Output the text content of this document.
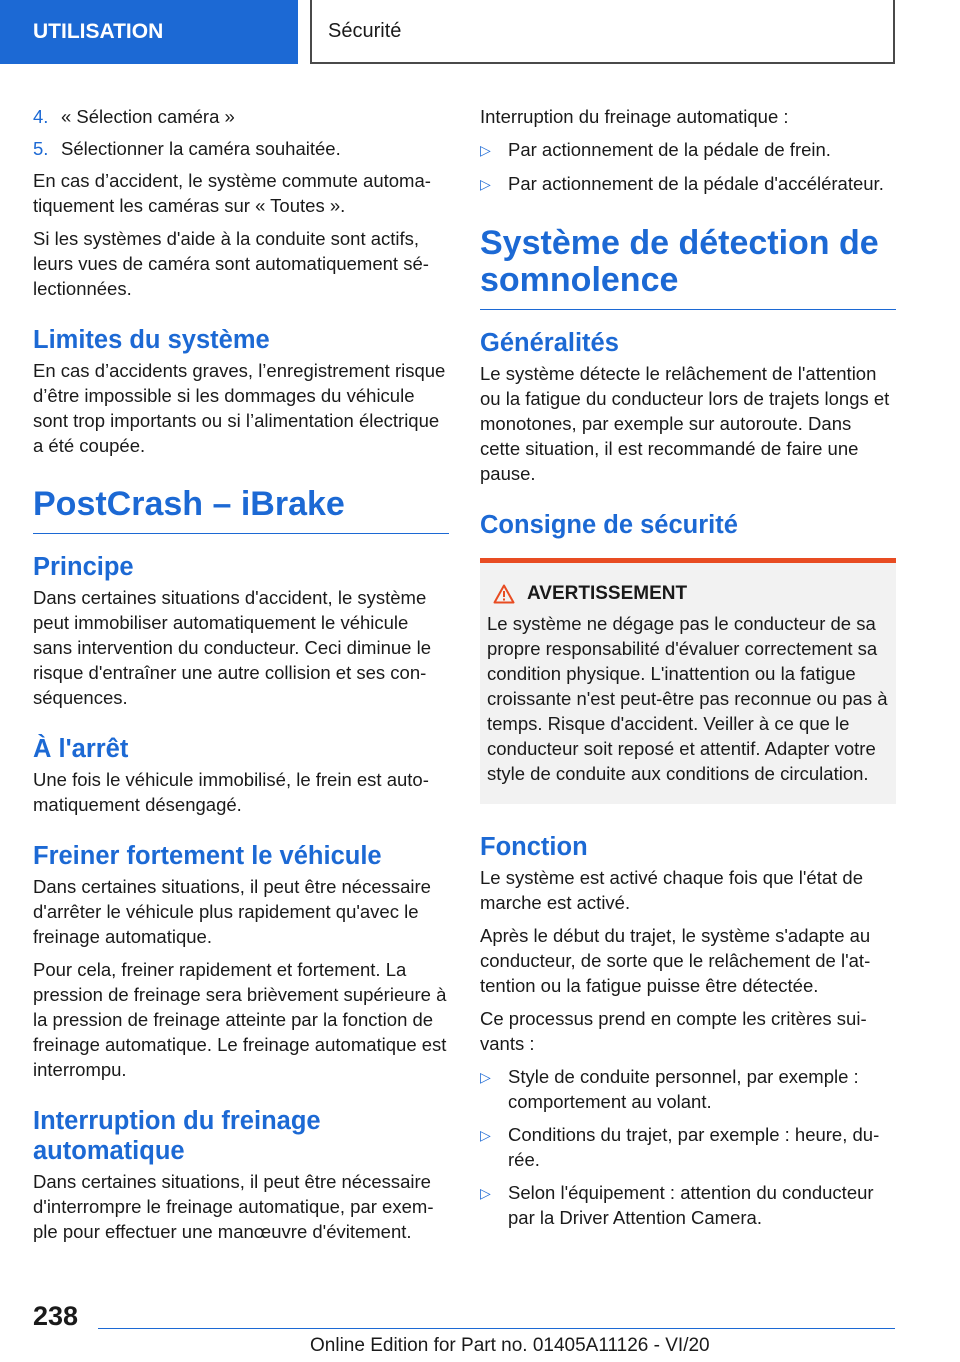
UTILISATION	Sécurité
4. « Sélection caméra »
5. Sélectionner la caméra souhaitée.

En cas d’accident, le système commute automatiquement les caméras sur « Toutes ».

Si les systèmes d'aide à la conduite sont actifs, leurs vues de caméra sont automatiquement sélectionnées.

Limites du système

En cas d’accidents graves, l’enregistrement risque d’être impossible si les dommages du véhicule sont trop importants ou si l’alimentation électrique a été coupée.

PostCrash – iBrake
Principe

Dans certaines situations d'accident, le système peut immobiliser automatiquement le véhicule sans intervention du conducteur. Ceci diminue le risque d'entraîner une autre collision et ses conséquences.

À l'arrêt

Une fois le véhicule immobilisé, le frein est automatiquement désengagé.

Freiner fortement le véhicule

Dans certaines situations, il peut être nécessaire d'arrêter le véhicule plus rapidement qu'avec le freinage automatique.

Pour cela, freiner rapidement et fortement. La pression de freinage sera brièvement supérieure à la pression de freinage atteinte par la fonction de freinage automatique. Le freinage automatique est interrompu.

Interruption du freinage automatique

Dans certaines situations, il peut être nécessaire d'interrompre le freinage automatique, par exemple pour effectuer une manœuvre d'évitement.

Interruption du freinage automatique :

▷ Par actionnement de la pédale de frein.
▷ Par actionnement de la pédale d'accélérateur.
Système de détection de somnolence
Généralités

Le système détecte le relâchement de l'attention ou la fatigue du conducteur lors de trajets longs et monotones, par exemple sur autoroute. Dans cette situation, il est recommandé de faire une pause.

Consigne de sécurité
AVERTISSEMENT

Le système ne dégage pas le conducteur de sa propre responsabilité d'évaluer correctement sa condition physique. L'inattention ou la fatigue croissante n'est peut-être pas reconnue ou pas à temps. Risque d'accident. Veiller à ce que le conducteur soit reposé et attentif. Adapter votre style de conduite aux conditions de circulation.

Fonction

Le système est activé chaque fois que l'état de marche est activé.

Après le début du trajet, le système s'adapte au conducteur, de sorte que le relâchement de l'attention ou la fatigue puisse être détectée.

Ce processus prend en compte les critères suivants :

▷ Style de conduite personnel, par exemple : comportement au volant.
▷ Conditions du trajet, par exemple : heure, durée.
▷ Selon l'équipement : attention du conducteur par la Driver Attention Camera.
238
Online Edition for Part no. 01405A11126 - VI/20
